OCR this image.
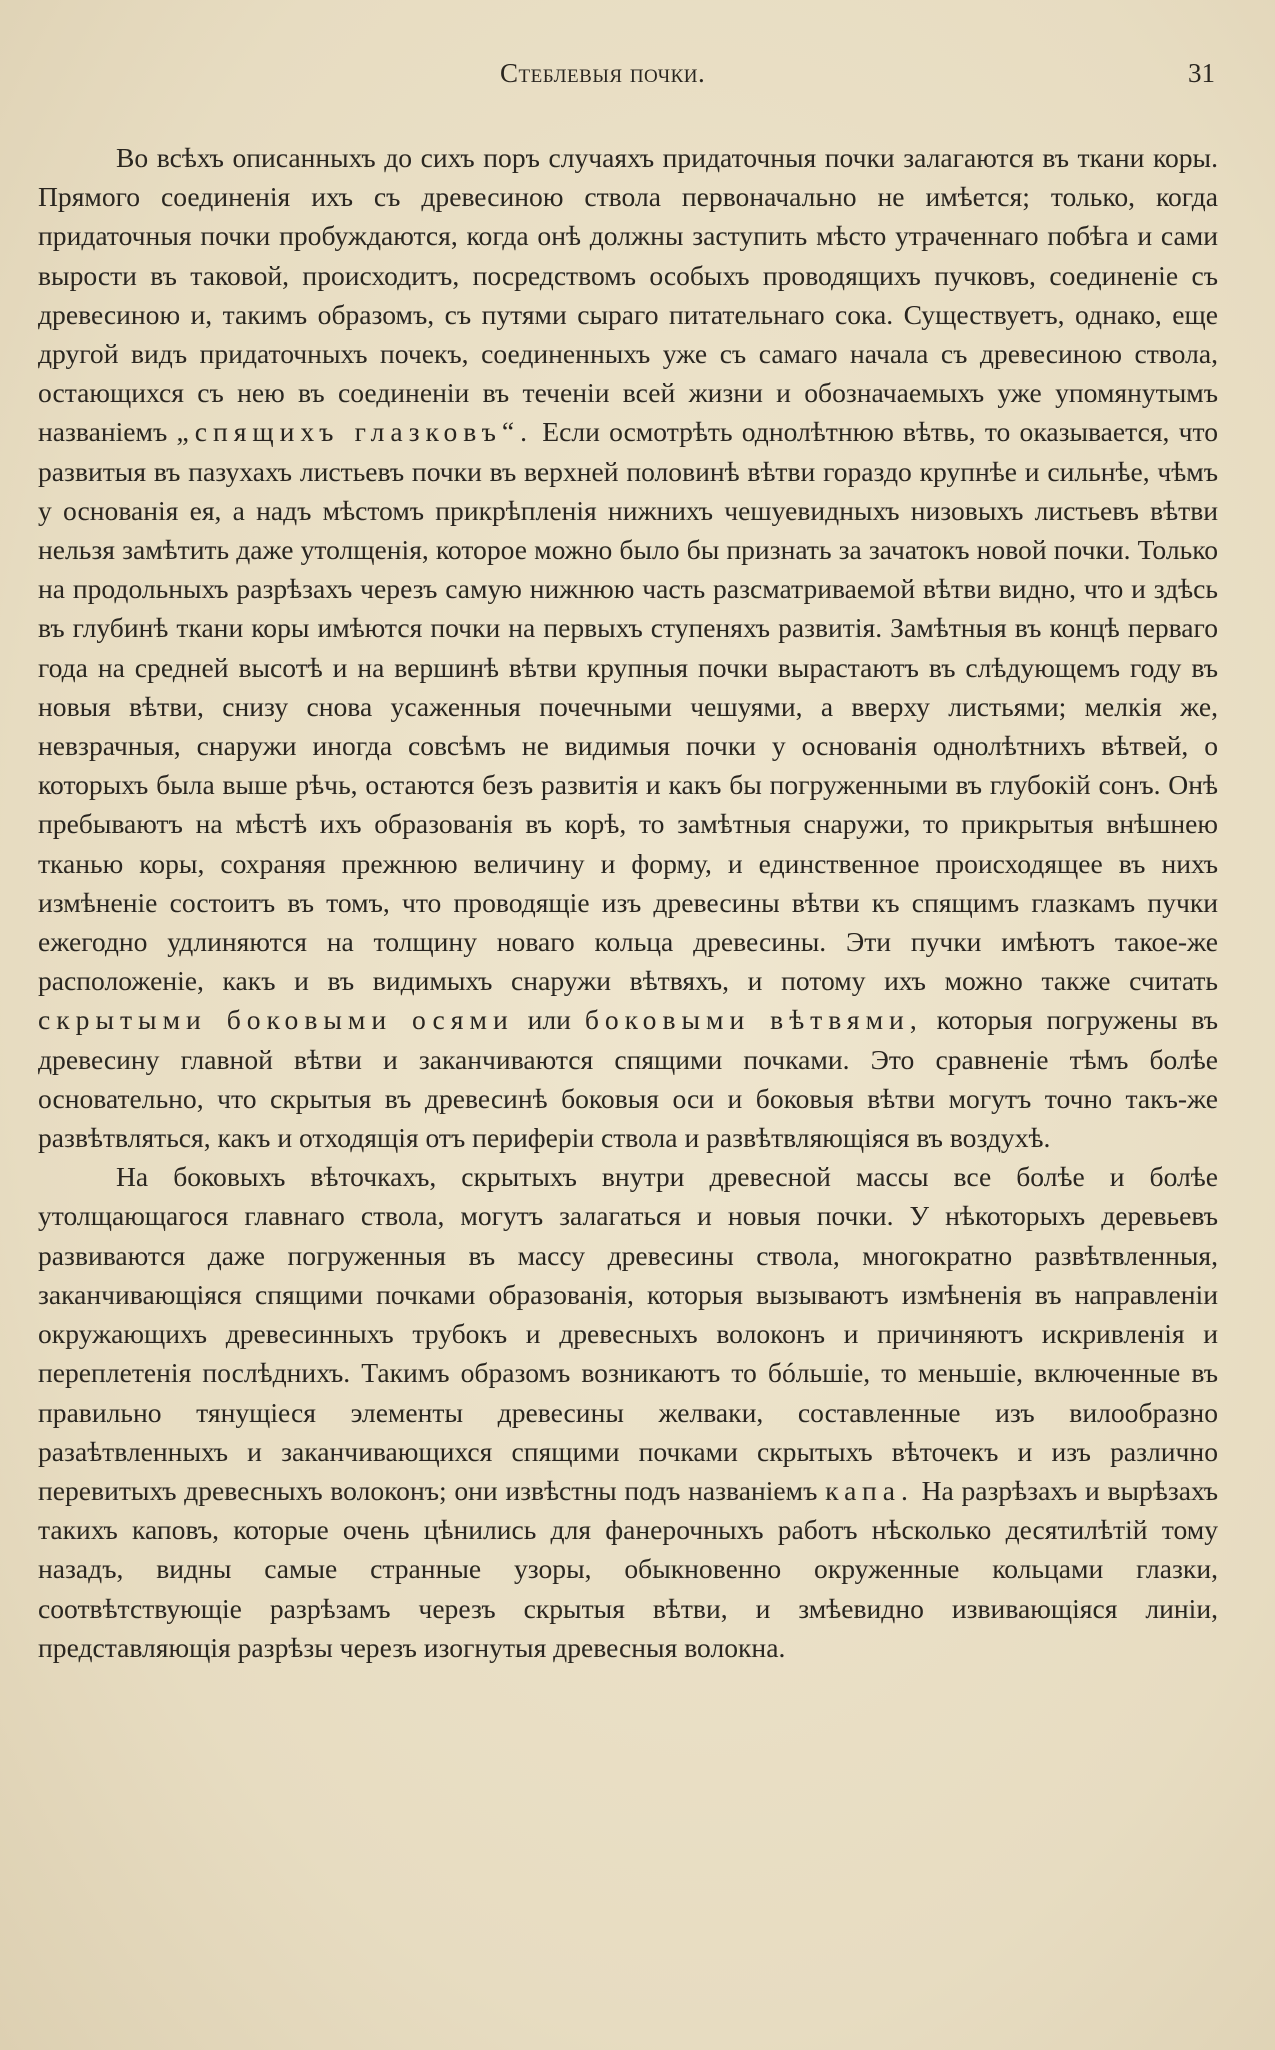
Стеблевыя почки.	31

Во всѣхъ описанныхъ до сихъ поръ случаяхъ придаточныя почки залагаются въ ткани коры. Прямого соединенія ихъ съ древесиною ствола первоначально не имѣется; только, когда придаточныя почки пробуждаются, когда онѣ должны заступить мѣсто утраченнаго побѣга и сами вырости въ таковой, происходитъ, посредствомъ особыхъ проводящихъ пучковъ, соединеніе съ древесиною и, такимъ образомъ, съ путями сыраго питательнаго сока. Существуетъ, однако, еще другой видъ придаточныхъ почекъ, соединенныхъ уже съ самаго начала съ древесиною ствола, остающихся съ нею въ соединеніи въ теченіи всей жизни и обозначаемыхъ уже упомянутымъ названіемъ „спящихъ глазковъ“. Если осмотрѣть однолѣтнюю вѣтвь, то оказывается, что развитыя въ пазухахъ листьевъ почки въ верхней половинѣ вѣтви гораздо крупнѣе и сильнѣе, чѣмъ у основанія ея, а надъ мѣстомъ прикрѣпленія нижнихъ чешуевидныхъ низовыхъ листьевъ вѣтви нельзя замѣтить даже утолщенія, которое можно было бы признать за зачатокъ новой почки. Только на продольныхъ разрѣзахъ черезъ самую нижнюю часть разсматриваемой вѣтви видно, что и здѣсь въ глубинѣ ткани коры имѣются почки на первыхъ ступеняхъ развитія. Замѣтныя въ концѣ перваго года на средней высотѣ и на вершинѣ вѣтви крупныя почки вырастаютъ въ слѣдующемъ году въ новыя вѣтви, снизу снова усаженныя почечными чешуями, а вверху листьями; мелкія же, невзрачныя, снаружи иногда совсѣмъ не видимыя почки у основанія однолѣтнихъ вѣтвей, о которыхъ была выше рѣчь, остаются безъ развитія и какъ бы погруженными въ глубокій сонъ. Онѣ пребываютъ на мѣстѣ ихъ образованія въ корѣ, то замѣтныя снаружи, то прикрытыя внѣшнею тканью коры, сохраняя прежнюю величину и форму, и единственное происходящее въ нихъ измѣненіе состоитъ въ томъ, что проводящіе изъ древесины вѣтви къ спящимъ глазкамъ пучки ежегодно удлиняются на толщину новаго кольца древесины. Эти пучки имѣютъ такое-же расположеніе, какъ и въ видимыхъ снаружи вѣтвяхъ, и потому ихъ можно также считать скрытыми боковыми осями или боковыми вѣтвями, которыя погружены въ древесину главной вѣтви и заканчиваются спящими почками. Это сравненіе тѣмъ болѣе основательно, что скрытыя въ древесинѣ боковыя оси и боковыя вѣтви могутъ точно такъ-же развѣтвляться, какъ и отходящія отъ периферіи ствола и развѣтвляющіяся въ воздухѣ.

На боковыхъ вѣточкахъ, скрытыхъ внутри древесной массы все болѣе и болѣе утолщающагося главнаго ствола, могутъ залагаться и новыя почки. У нѣкоторыхъ деревьевъ развиваются даже погруженныя въ массу древесины ствола, многократно развѣтвленныя, заканчивающіяся спящими почками образованія, которыя вызываютъ измѣненія въ направленіи окружающихъ древесинныхъ трубокъ и древесныхъ волоконъ и причиняютъ искривленія и переплетенія послѣднихъ. Такимъ образомъ возникаютъ то бóльшіе, то меньшіе, включенные въ правильно тянущіеся элементы древесины желваки, составленные изъ вилообразно разаѣтвленныхъ и заканчивающихся спящими почками скрытыхъ вѣточекъ и изъ различно перевитыхъ древесныхъ волоконъ; они извѣстны подъ названіемъ капа. На разрѣзахъ и вырѣзахъ такихъ каповъ, которые очень цѣнились для фанерочныхъ работъ нѣсколько десятилѣтій тому назадъ, видны самые странные узоры, обыкновенно окруженные кольцами глазки, соотвѣтствующіе разрѣзамъ черезъ скрытыя вѣтви, и змѣевидно извивающіяся линіи, представляющія разрѣзы черезъ изогнутыя древесныя волокна.
